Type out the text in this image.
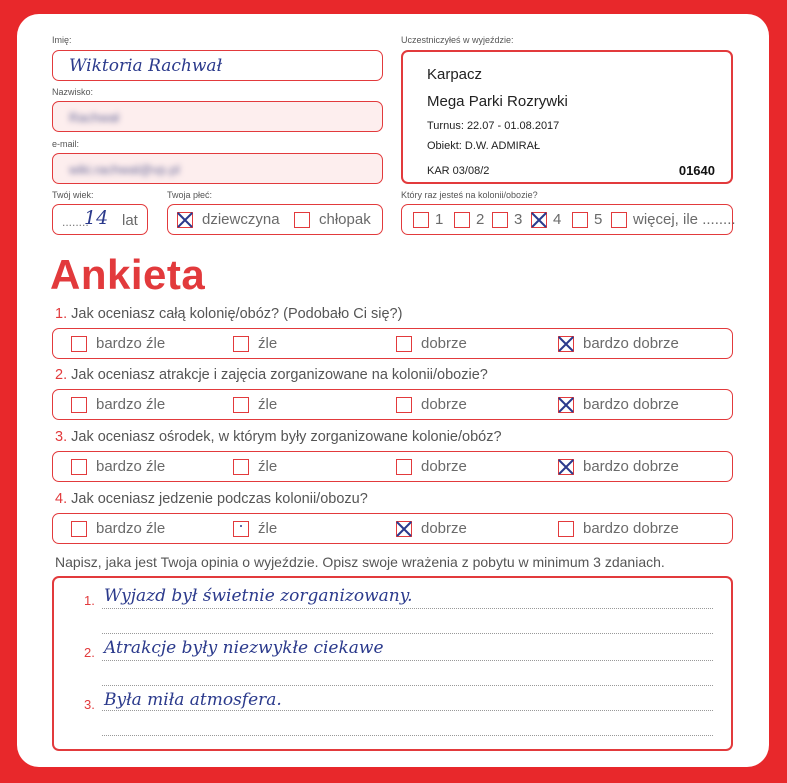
Imię:
Wiktoria Rachwał
Nazwisko:
Rachwał
e-mail:
wiki.rachwal@vp.pl
Twój wiek:
........
14 lat
Twoja płeć:
dziewczyna	chłopak
Uczestniczyłeś w wyjeździe:
Karpacz
Mega Parki Rozrywki
Turnus: 22.07 - 01.08.2017
Obiekt: D.W. ADMIRAŁ
KAR 03/08/2	01640
Który raz jesteś na kolonii/obozie?
1 2 3 4 5 więcej, ile ........
Ankieta
1. Jak oceniasz całą kolonię/obóz? (Podobało Ci się?)
bardzo źle	źle	dobrze	bardzo dobrze
2. Jak oceniasz atrakcje i zajęcia zorganizowane na kolonii/obozie?
bardzo źle	źle	dobrze	bardzo dobrze
3. Jak oceniasz ośrodek, w którym były zorganizowane kolonie/obóz?
bardzo źle	źle	dobrze	bardzo dobrze
4. Jak oceniasz jedzenie podczas kolonii/obozu?
bardzo źle	źle	dobrze	bardzo dobrze
Napisz, jaka jest Twoja opinia o wyjeździe. Opisz swoje wrażenia z pobytu w minimum 3 zdaniach.
1. Wyjazd był świetnie zorganizowany.
2. Atrakcje były niezwykłe ciekawe
3. Była miła atmosfera.
